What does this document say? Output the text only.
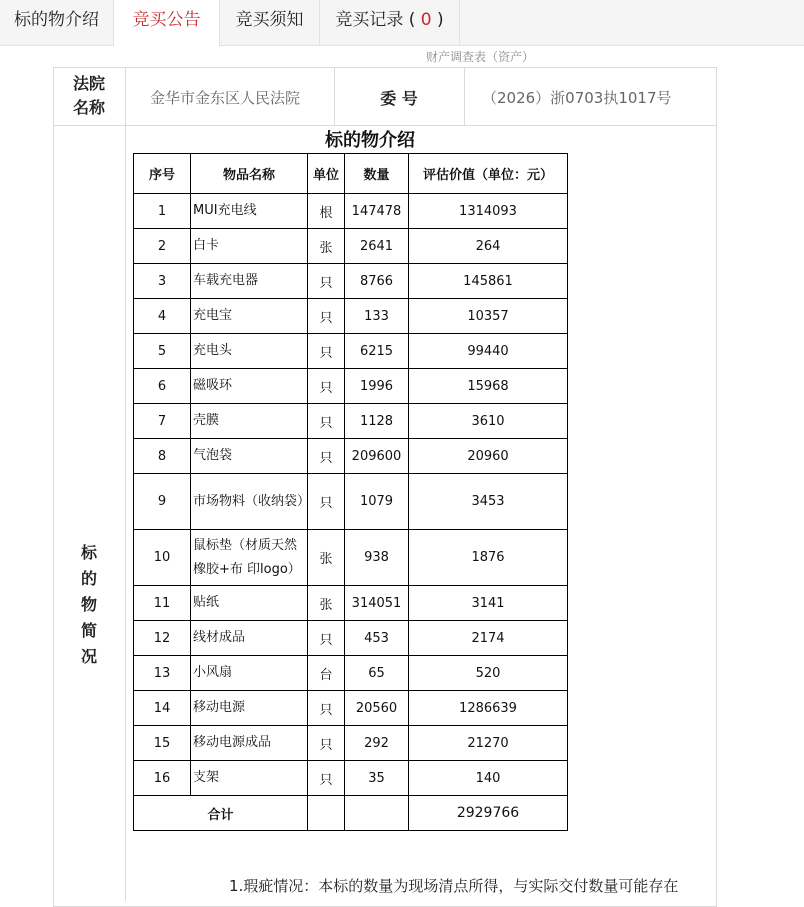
标的物介绍	竞买公告	竞买须知	竞买记录 ( 0 )
财产调查表（资产）
法院
名称	金华市金东区人民法院	委 号	（2026）浙0703执1017号
标
的
物
简
况
标的物介绍
序号	物品名称	单位	数量	评估价值（单位：元）
1	MUI充电线	根	147478	1314093
2	白卡	张	2641	264
3	车载充电器	只	8766	145861
4	充电宝	只	133	10357
5	充电头	只	6215	99440
6	磁吸环	只	1996	15968
7	壳膜	只	1128	3610
8	气泡袋	只	209600	20960
9	市场物料（收纳袋）	只	1079	3453
10	鼠标垫（材质天然橡胶+布 印logo）	张	938	1876
11	贴纸	张	314051	3141
12	线材成品	只	453	2174
13	小风扇	台	65	520
14	移动电源	只	20560	1286639
15	移动电源成品	只	292	21270
16	支架	只	35	140
合计				2929766
1.瑕疵情况：本标的数量为现场清点所得，与实际交付数量可能存在
